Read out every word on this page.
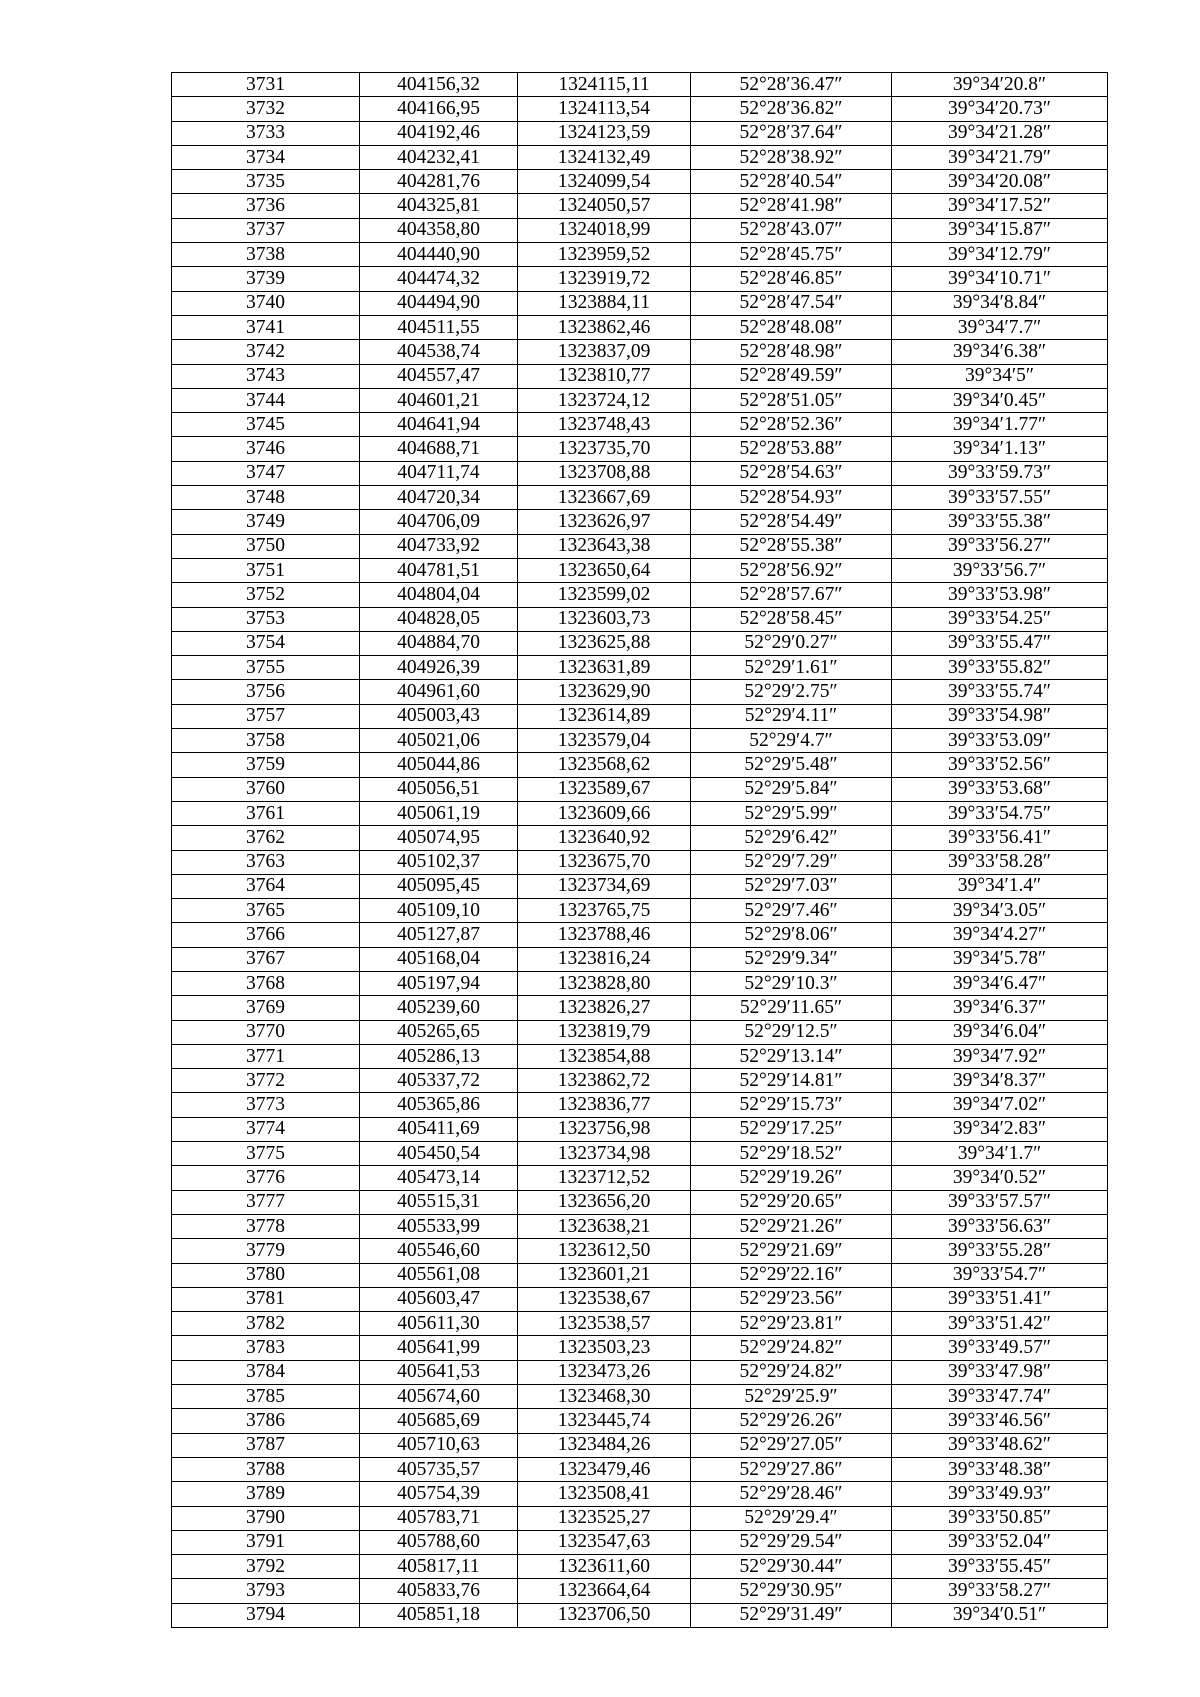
3731	404156,32	1324115,11	52°28′36.47″	39°34′20.8″
3732	404166,95	1324113,54	52°28′36.82″	39°34′20.73″
3733	404192,46	1324123,59	52°28′37.64″	39°34′21.28″
3734	404232,41	1324132,49	52°28′38.92″	39°34′21.79″
3735	404281,76	1324099,54	52°28′40.54″	39°34′20.08″
3736	404325,81	1324050,57	52°28′41.98″	39°34′17.52″
3737	404358,80	1324018,99	52°28′43.07″	39°34′15.87″
3738	404440,90	1323959,52	52°28′45.75″	39°34′12.79″
3739	404474,32	1323919,72	52°28′46.85″	39°34′10.71″
3740	404494,90	1323884,11	52°28′47.54″	39°34′8.84″
3741	404511,55	1323862,46	52°28′48.08″	39°34′7.7″
3742	404538,74	1323837,09	52°28′48.98″	39°34′6.38″
3743	404557,47	1323810,77	52°28′49.59″	39°34′5″
3744	404601,21	1323724,12	52°28′51.05″	39°34′0.45″
3745	404641,94	1323748,43	52°28′52.36″	39°34′1.77″
3746	404688,71	1323735,70	52°28′53.88″	39°34′1.13″
3747	404711,74	1323708,88	52°28′54.63″	39°33′59.73″
3748	404720,34	1323667,69	52°28′54.93″	39°33′57.55″
3749	404706,09	1323626,97	52°28′54.49″	39°33′55.38″
3750	404733,92	1323643,38	52°28′55.38″	39°33′56.27″
3751	404781,51	1323650,64	52°28′56.92″	39°33′56.7″
3752	404804,04	1323599,02	52°28′57.67″	39°33′53.98″
3753	404828,05	1323603,73	52°28′58.45″	39°33′54.25″
3754	404884,70	1323625,88	52°29′0.27″	39°33′55.47″
3755	404926,39	1323631,89	52°29′1.61″	39°33′55.82″
3756	404961,60	1323629,90	52°29′2.75″	39°33′55.74″
3757	405003,43	1323614,89	52°29′4.11″	39°33′54.98″
3758	405021,06	1323579,04	52°29′4.7″	39°33′53.09″
3759	405044,86	1323568,62	52°29′5.48″	39°33′52.56″
3760	405056,51	1323589,67	52°29′5.84″	39°33′53.68″
3761	405061,19	1323609,66	52°29′5.99″	39°33′54.75″
3762	405074,95	1323640,92	52°29′6.42″	39°33′56.41″
3763	405102,37	1323675,70	52°29′7.29″	39°33′58.28″
3764	405095,45	1323734,69	52°29′7.03″	39°34′1.4″
3765	405109,10	1323765,75	52°29′7.46″	39°34′3.05″
3766	405127,87	1323788,46	52°29′8.06″	39°34′4.27″
3767	405168,04	1323816,24	52°29′9.34″	39°34′5.78″
3768	405197,94	1323828,80	52°29′10.3″	39°34′6.47″
3769	405239,60	1323826,27	52°29′11.65″	39°34′6.37″
3770	405265,65	1323819,79	52°29′12.5″	39°34′6.04″
3771	405286,13	1323854,88	52°29′13.14″	39°34′7.92″
3772	405337,72	1323862,72	52°29′14.81″	39°34′8.37″
3773	405365,86	1323836,77	52°29′15.73″	39°34′7.02″
3774	405411,69	1323756,98	52°29′17.25″	39°34′2.83″
3775	405450,54	1323734,98	52°29′18.52″	39°34′1.7″
3776	405473,14	1323712,52	52°29′19.26″	39°34′0.52″
3777	405515,31	1323656,20	52°29′20.65″	39°33′57.57″
3778	405533,99	1323638,21	52°29′21.26″	39°33′56.63″
3779	405546,60	1323612,50	52°29′21.69″	39°33′55.28″
3780	405561,08	1323601,21	52°29′22.16″	39°33′54.7″
3781	405603,47	1323538,67	52°29′23.56″	39°33′51.41″
3782	405611,30	1323538,57	52°29′23.81″	39°33′51.42″
3783	405641,99	1323503,23	52°29′24.82″	39°33′49.57″
3784	405641,53	1323473,26	52°29′24.82″	39°33′47.98″
3785	405674,60	1323468,30	52°29′25.9″	39°33′47.74″
3786	405685,69	1323445,74	52°29′26.26″	39°33′46.56″
3787	405710,63	1323484,26	52°29′27.05″	39°33′48.62″
3788	405735,57	1323479,46	52°29′27.86″	39°33′48.38″
3789	405754,39	1323508,41	52°29′28.46″	39°33′49.93″
3790	405783,71	1323525,27	52°29′29.4″	39°33′50.85″
3791	405788,60	1323547,63	52°29′29.54″	39°33′52.04″
3792	405817,11	1323611,60	52°29′30.44″	39°33′55.45″
3793	405833,76	1323664,64	52°29′30.95″	39°33′58.27″
3794	405851,18	1323706,50	52°29′31.49″	39°34′0.51″
